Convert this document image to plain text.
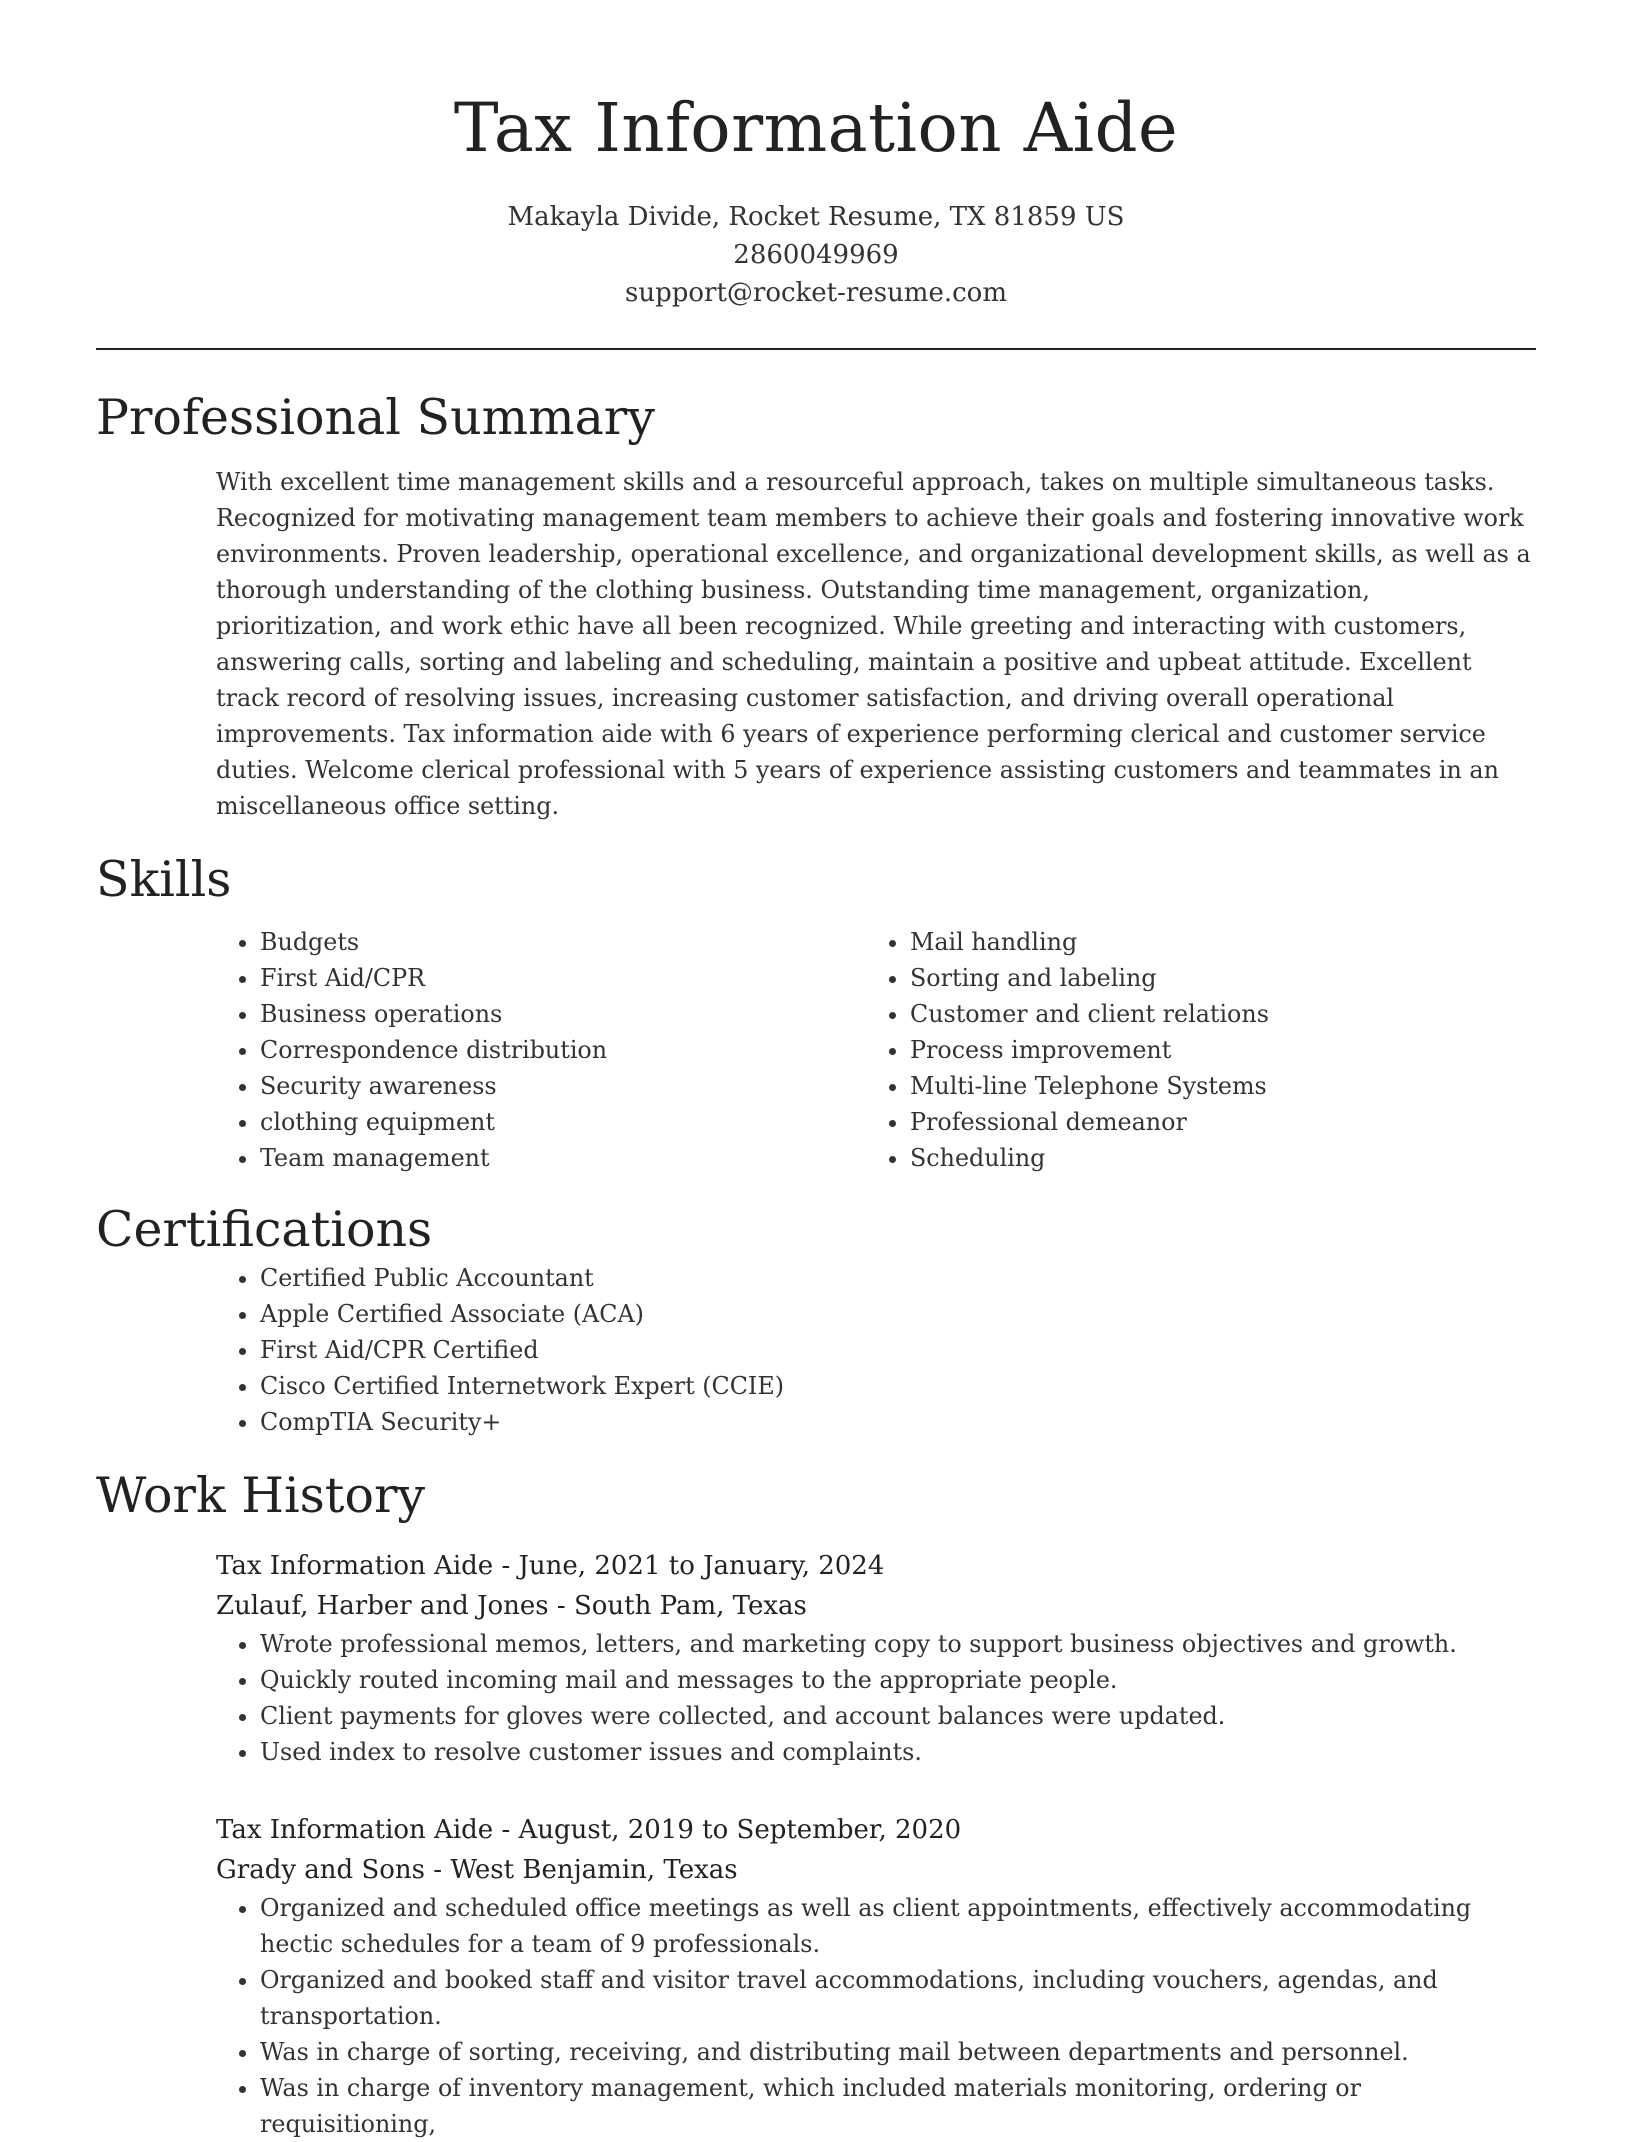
Tax Information Aide
Makayla Divide, Rocket Resume, TX 81859 US
2860049969
support@rocket-resume.com
Professional Summary

With excellent time management skills and a resourceful approach, takes on multiple simultaneous tasks. Recognized for motivating management team members to achieve their goals and fostering innovative work environments. Proven leadership, operational excellence, and organizational development skills, as well as a thorough understanding of the clothing business. Outstanding time management, organization, prioritization, and work ethic have all been recognized. While greeting and interacting with customers, answering calls, sorting and labeling and scheduling, maintain a positive and upbeat attitude. Excellent track record of resolving issues, increasing customer satisfaction, and driving overall operational improvements. Tax information aide with 6 years of experience performing clerical and customer service duties. Welcome clerical professional with 5 years of experience assisting customers and teammates in an miscellaneous office setting.

Skills
• Budgets
• First Aid/CPR
• Business operations
• Correspondence distribution
• Security awareness
• clothing equipment
• Team management
• Mail handling
• Sorting and labeling
• Customer and client relations
• Process improvement
• Multi-line Telephone Systems
• Professional demeanor
• Scheduling
Certifications
• Certified Public Accountant
• Apple Certified Associate (ACA)
• First Aid/CPR Certified
• Cisco Certified Internetwork Expert (CCIE)
• CompTIA Security+
Work History
Tax Information Aide - June, 2021 to January, 2024
Zulauf, Harber and Jones - South Pam, Texas
• Wrote professional memos, letters, and marketing copy to support business objectives and growth.
• Quickly routed incoming mail and messages to the appropriate people.
• Client payments for gloves were collected, and account balances were updated.
• Used index to resolve customer issues and complaints.
Tax Information Aide - August, 2019 to September, 2020
Grady and Sons - West Benjamin, Texas
• Organized and scheduled office meetings as well as client appointments, effectively accommodating hectic schedules for a team of 9 professionals.
• Organized and booked staff and visitor travel accommodations, including vouchers, agendas, and transportation.
• Was in charge of sorting, receiving, and distributing mail between departments and personnel.
• Was in charge of inventory management, which included materials monitoring, ordering or requisitioning,
